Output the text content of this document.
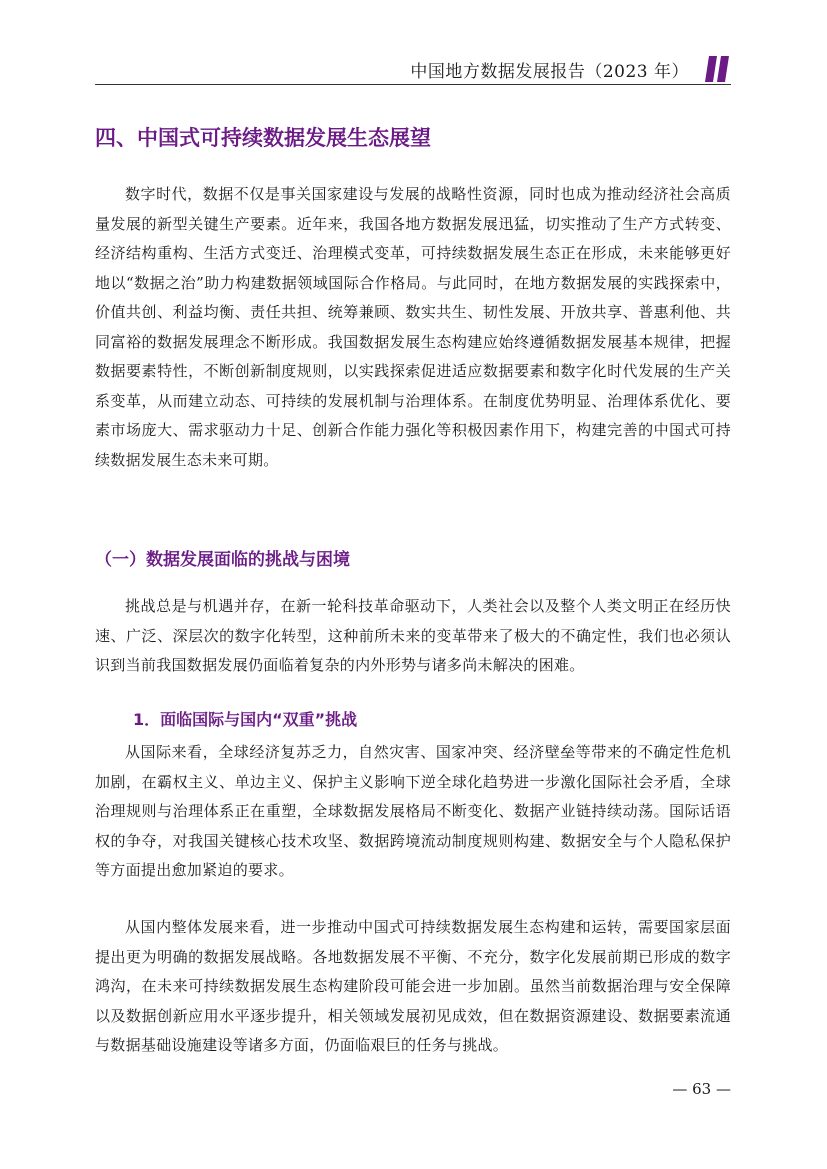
中国地方数据发展报告（2023 年）
四、中国式可持续数据发展生态展望

数字时代，数据不仅是事关国家建设与发展的战略性资源，同时也成为推动经济社会高质量发展的新型关键生产要素。近年来，我国各地方数据发展迅猛，切实推动了生产方式转变、经济结构重构、生活方式变迁、治理模式变革，可持续数据发展生态正在形成，未来能够更好地以“数据之治”助力构建数据领域国际合作格局。与此同时，在地方数据发展的实践探索中，价值共创、利益均衡、责任共担、统筹兼顾、数实共生、韧性发展、开放共享、普惠利他、共同富裕的数据发展理念不断形成。我国数据发展生态构建应始终遵循数据发展基本规律，把握数据要素特性，不断创新制度规则，以实践探索促进适应数据要素和数字化时代发展的生产关系变革，从而建立动态、可持续的发展机制与治理体系。在制度优势明显、治理体系优化、要素市场庞大、需求驱动力十足、创新合作能力强化等积极因素作用下，构建完善的中国式可持续数据发展生态未来可期。

（一）数据发展面临的挑战与困境

挑战总是与机遇并存，在新一轮科技革命驱动下，人类社会以及整个人类文明正在经历快速、广泛、深层次的数字化转型，这种前所未来的变革带来了极大的不确定性，我们也必须认识到当前我国数据发展仍面临着复杂的内外形势与诸多尚未解决的困难。

1．面临国际与国内“双重”挑战

从国际来看，全球经济复苏乏力，自然灾害、国家冲突、经济壁垒等带来的不确定性危机加剧，在霸权主义、单边主义、保护主义影响下逆全球化趋势进一步激化国际社会矛盾，全球治理规则与治理体系正在重塑，全球数据发展格局不断变化、数据产业链持续动荡。国际话语权的争夺，对我国关键核心技术攻坚、数据跨境流动制度规则构建、数据安全与个人隐私保护等方面提出愈加紧迫的要求。

从国内整体发展来看，进一步推动中国式可持续数据发展生态构建和运转，需要国家层面提出更为明确的数据发展战略。各地数据发展不平衡、不充分，数字化发展前期已形成的数字鸿沟，在未来可持续数据发展生态构建阶段可能会进一步加剧。虽然当前数据治理与安全保障以及数据创新应用水平逐步提升，相关领域发展初见成效，但在数据资源建设、数据要素流通与数据基础设施建设等诸多方面，仍面临艰巨的任务与挑战。

— 63 —
